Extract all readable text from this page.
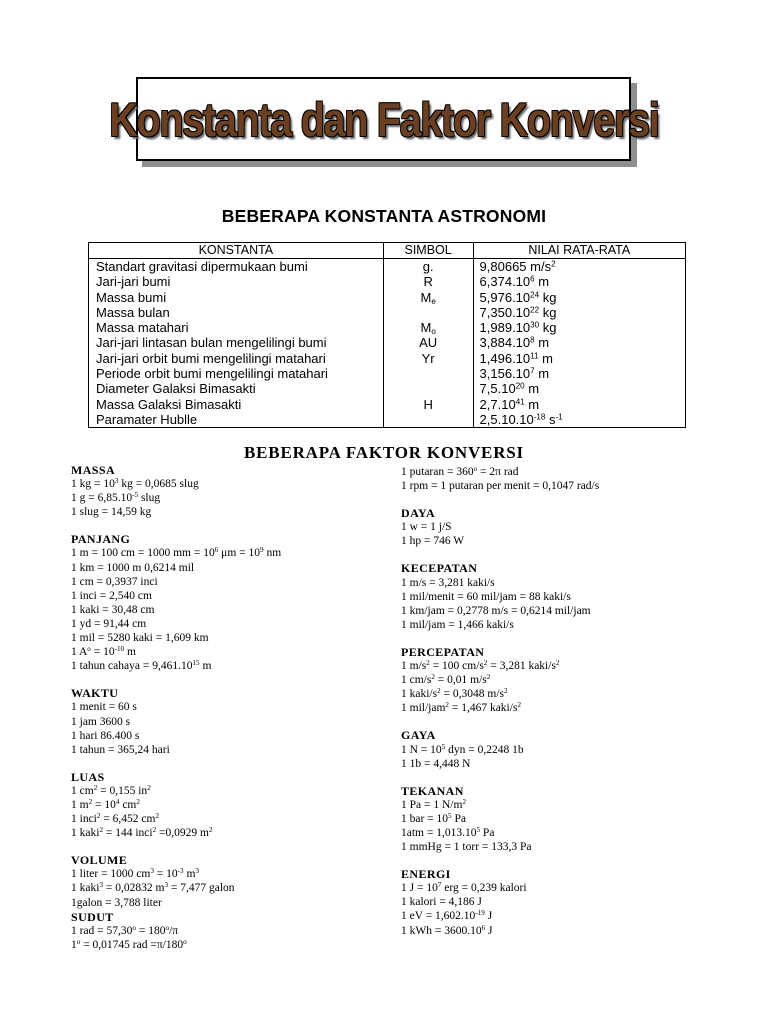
Konstanta dan Faktor Konversi
BEBERAPA KONSTANTA ASTRONOMI
KONSTANTA	SIMBOL	NILAI RATA-RATA
Standart gravitasi dipermukaan bumi	g.	9,80665 $m/s^2$
Jari-jari bumi	R	6,374.10$^6$ m
Massa bumi	$M_e$	5,976.10$^{24}$ kg
Massa bulan		7,350.10$^{22}$ kg
Massa matahari	$M_o$	1,989.10$^{30}$ kg
Jari-jari lintasan bulan mengelilingi bumi	AU	3,884.10$^8$ m
Jari-jari orbit bumi mengelilingi matahari	Yr	1,496.10$^{11}$ m
Periode orbit bumi mengelilingi matahari		3,156.10$^7$ m
Diameter Galaksi Bimasakti		7,5.10$^{20}$ m
Massa Galaksi Bimasakti	H	2,7.10$^{41}$ m
Paramater Hublle		$2,5.10.10^{-18}$ $s^{-1}$
BEBERAPA FAKTOR KONVERSI
MASSA
1 kg = $10^3$ kg = 0,0685 slug
1 $g = 6,85.10^{-5}$ slug
1 slug = 14,59 kg
PANJANG
1 m = 100 cm = 1000 mm = $10^6$ $\mu m = 10^9$ nm
1 km = 1000 m 0,6214 mil
1 cm = 0,3937 inci
1 inci = 2,540 cm
1 kaki = 30,48 cm
1 yd = 91,44 cm
1 mil = 5280 kaki = 1,609 km
1 $A^o = 10^{-10}$ m
1 tahun cahaya = $9,461.10^{15}$ m
WAKTU
1 menit = 60 s
1 jam 3600 s
1 hari 86.400 s
1 tahun = 365,24 hari
LUAS
1 $cm^2 = 0,155$ $in^2$
1 $m^2 = 10^4$ $cm^2$
1 inci$^2$ = 6,452 $cm^2$
1 kaki$^2$ = 144 inci$^2$ =0,0929 $m^2$
VOLUME
1 liter = 1000 $cm^3 = 10^{-3}$ $m^3$
1 kaki$^3$ = 0,02832 $m^3 = 7,477$ galon
1galon = 3,788 liter
SUDUT
1 rad = $57,30^o = 180^o/\pi$
$1^o = 0,01745$ rad $=\pi/180^o$
1 putaran = $360^o = 2\pi$ rad
1 rpm = 1 putaran per menit = 0,1047 rad/s
DAYA
1 w = 1 j/S
1 hp = 746 W
KECEPATAN
1 m/s = 3,281 kaki/s
1 mil/menit = 60 mil/jam = 88 kaki/s
1 km/jam = 0,2778 m/s = 0,6214 mil/jam
1 mil/jam = 1,466 kaki/s
PERCEPATAN
1 $m/s^2 = 100$ $cm/s^2 = 3,281$ kaki/$s^2$
1 $cm/s^2 = 0,01$ $m/s^2$
1 kaki/$s^2 = 0,3048$ $m/s^2$
1 mil/jam$^2$ = 1,467 kaki/$s^2$
GAYA
1 $N = 10^5$ dyn = 0,2248 1b
1 1b = 4,448 N
TEKANAN
1 Pa = 1 $N/m^2$
1 bar = $10^5$ Pa
$1atm = 1,013.10^5$ Pa
1 mmHg = 1 torr = 133,3 Pa
ENERGI
1 $J = 10^7$ erg = 0,239 kalori
1 kalori = 4,186 J
1 eV = $1,602.10^{-19}$ J
1 kWh = $3600.10^6$ J
